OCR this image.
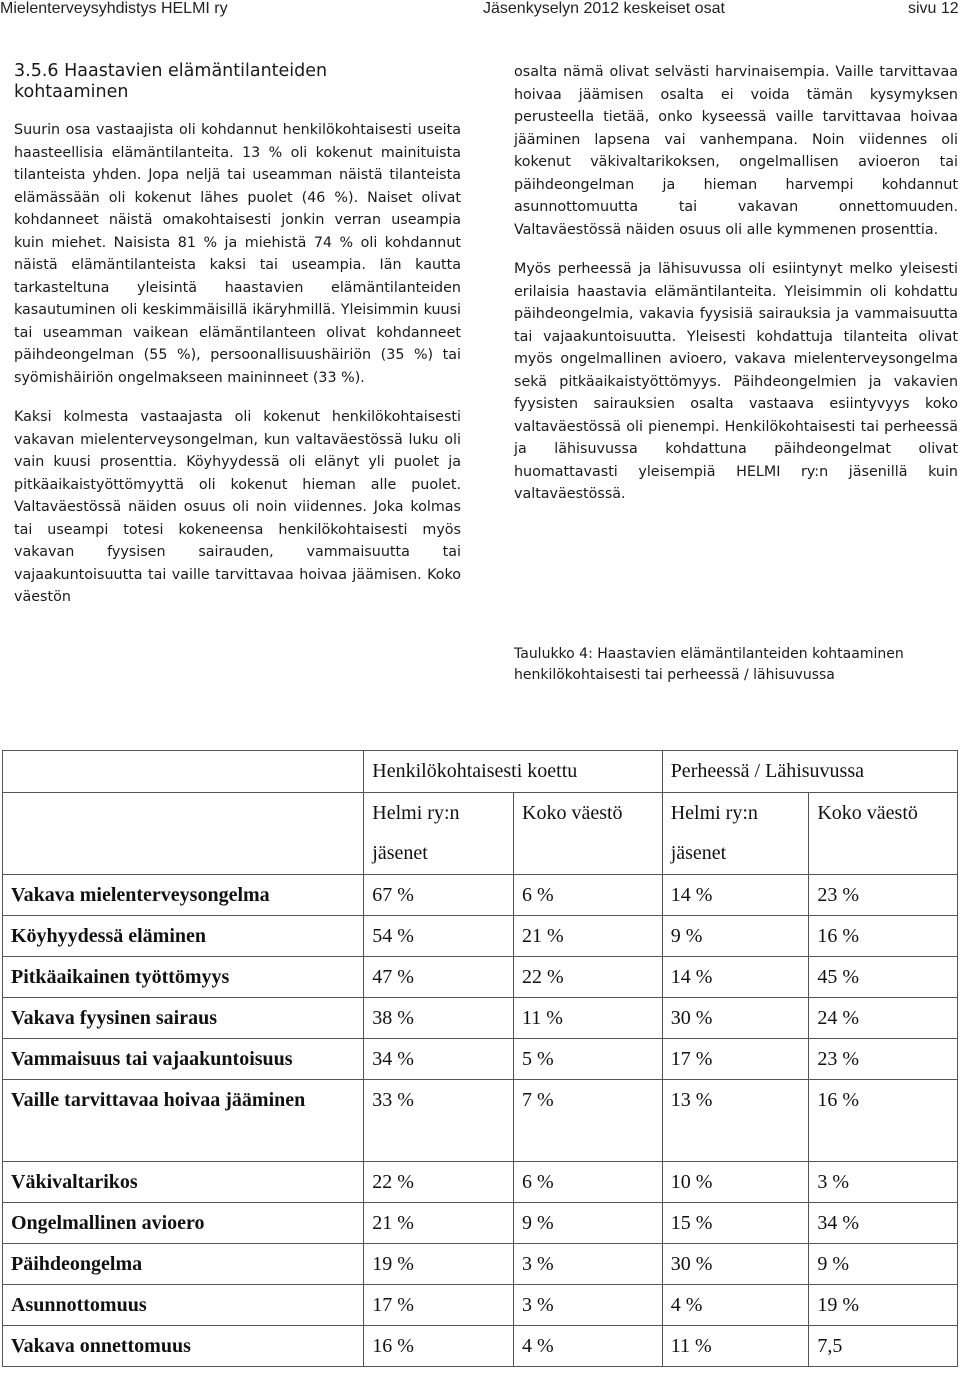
Mielenterveysyhdistys HELMI ry	Jäsenkyselyn 2012 keskeiset osat	sivu 12
3.5.6 Haastavien elämäntilanteiden kohtaaminen

Suurin osa vastaajista oli kohdannut henkilökohtaisesti useita haasteellisia elämäntilanteita. 13 % oli kokenut mainituista tilanteista yhden. Jopa neljä tai useamman näistä tilanteista elämässään oli kokenut lähes puolet (46 %). Naiset olivat kohdanneet näistä omakohtaisesti jonkin verran useampia kuin miehet. Naisista 81 % ja miehistä 74 % oli kohdannut näistä elämäntilanteista kaksi tai useampia. Iän kautta tarkasteltuna yleisintä haastavien elämäntilanteiden kasautuminen oli keskimmäisillä ikäryhmillä. Yleisimmin kuusi tai useamman vaikean elämäntilanteen olivat kohdanneet päihdeongelman (55 %), persoonallisuushäiriön (35 %) tai syömishäiriön ongelmakseen maininneet (33 %).

Kaksi kolmesta vastaajasta oli kokenut henkilökohtaisesti vakavan mielenterveysongelman, kun valtaväestössä luku oli vain kuusi prosenttia. Köyhyydessä oli elänyt yli puolet ja pitkäaikaistyöttömyyttä oli kokenut hieman alle puolet. Valtaväestössä näiden osuus oli noin viidennes. Joka kolmas tai useampi totesi kokeneensa henkilökohtaisesti myös vakavan fyysisen sairauden, vammaisuutta tai vajaakuntoisuutta tai vaille tarvittavaa hoivaa jäämisen. Koko väestön

osalta nämä olivat selvästi harvinaisempia. Vaille tarvittavaa hoivaa jäämisen osalta ei voida tämän kysymyksen perusteella tietää, onko kyseessä vaille tarvittavaa hoivaa jääminen lapsena vai vanhempana. Noin viidennes oli kokenut väkivaltarikoksen, ongelmallisen avioeron tai päihdeongelman ja hieman harvempi kohdannut asunnottomuutta tai vakavan onnettomuuden. Valtaväestössä näiden osuus oli alle kymmenen prosenttia.

Myös perheessä ja lähisuvussa oli esiintynyt melko yleisesti erilaisia haastavia elämäntilanteita. Yleisimmin oli kohdattu päihdeongelmia, vakavia fyysisiä sairauksia ja vammaisuutta tai vajaakuntoisuutta. Yleisesti kohdattuja tilanteita olivat myös ongelmallinen avioero, vakava mielenterveysongelma sekä pitkäaikaistyöttömyys. Päihdeongelmien ja vakavien fyysisten sairauksien osalta vastaava esiintyvyys koko valtaväestössä oli pienempi. Henkilökohtaisesti tai perheessä ja lähisuvussa kohdattuna päihdeongelmat olivat huomattavasti yleisempiä HELMI ry:n jäsenillä kuin valtaväestössä.

Taulukko 4: Haastavien elämäntilanteiden kohtaaminen henkilökohtaisesti tai perheessä / lähisuvussa
	Henkilökohtaisesti koettu		Perheessä / Lähisuvussa	
	Helmi ry:n jäsenet	Koko väestö	Helmi ry:n jäsenet	Koko väestö
Vakava mielenterveysongelma	67 %	6 %	14 %	23 %
Köyhyydessä eläminen	54 %	21 %	9 %	16 %
Pitkäaikainen työttömyys	47 %	22 %	14 %	45 %
Vakava fyysinen sairaus	38 %	11 %	30 %	24 %
Vammaisuus tai vajaakuntoisuus	34 %	5 %	17 %	23 %
Vaille tarvittavaa hoivaa jääminen	33 %	7 %	13 %	16 %
Väkivaltarikos	22 %	6 %	10 %	3 %
Ongelmallinen avioero	21 %	9 %	15 %	34 %
Päihdeongelma	19 %	3 %	30 %	9 %
Asunnottomuus	17 %	3 %	4 %	19 %
Vakava onnettomuus	16 %	4 %	11 %	7,5
